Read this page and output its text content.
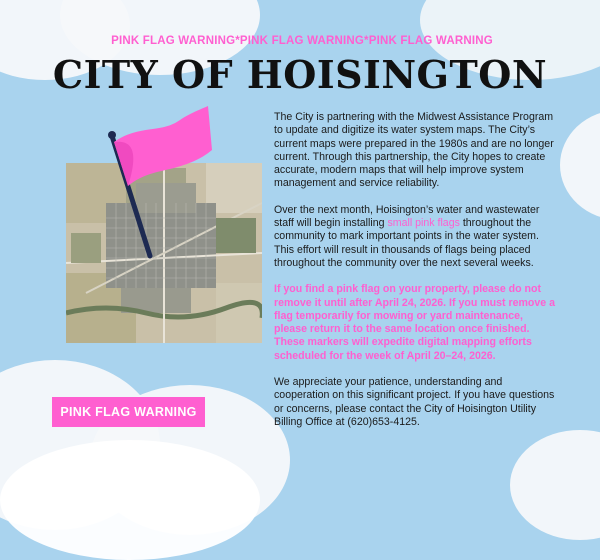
PINK FLAG WARNING*PINK FLAG WARNING*PINK FLAG WARNING
CITY OF HOISINGTON

The City is partnering with the Midwest Assistance Program to update and digitize its water system maps. The City’s current maps were prepared in the 1980s and are no longer current. Through this partnership, the City hopes to create accurate, modern maps that will help improve system management and service reliability.

Over the next month, Hoisington’s water and wastewater staff will begin installing small pink flags throughout the community to mark important points in the water system. This effort will result in thousands of flags being placed throughout the community over the next several weeks.

If you find a pink flag on your property, please do not remove it until after April 24, 2026. If you must remove a flag temporarily for mowing or yard maintenance, please return it to the same location once finished. These markers will expedite digital mapping efforts scheduled for the week of April 20–24, 2026.

We appreciate your patience, understanding and cooperation on this significant project. If you have questions or concerns, please contact the City of Hoisington Utility Billing Office at (620)653-4125.

PINK FLAG WARNING
